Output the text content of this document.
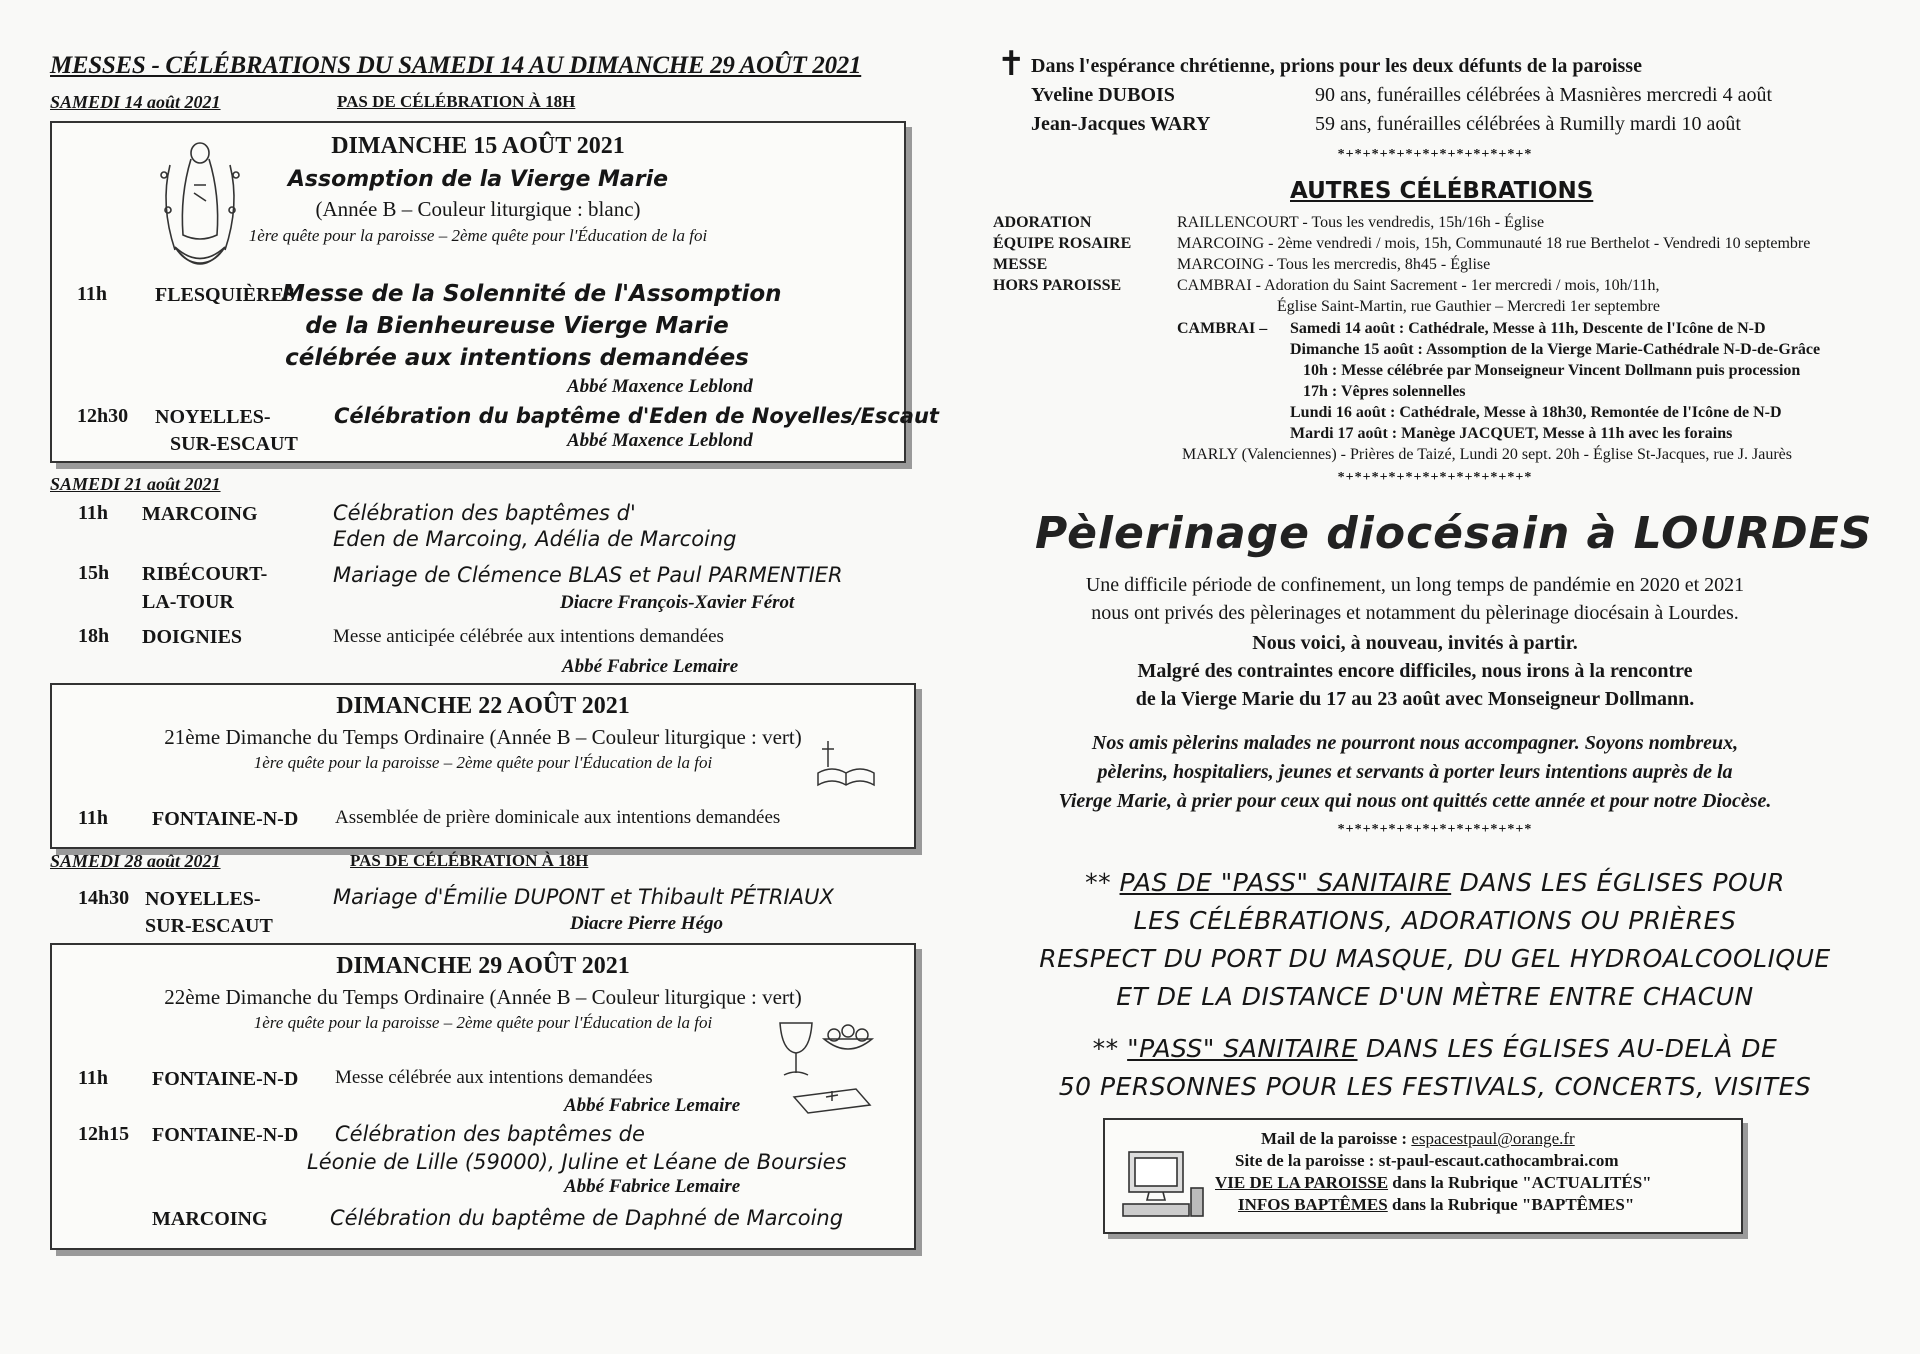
MESSES - CÉLÉBRATIONS DU SAMEDI 14 AU DIMANCHE 29 AOÛT 2021
SAMEDI 14 août 2021	PAS DE CÉLÉBRATION À 18H
DIMANCHE 15 AOÛT 2021
Assomption de la Vierge Marie
(Année B – Couleur liturgique : blanc)
1ère quête pour la paroisse – 2ème quête pour l'Éducation de la foi
11h FLESQUIÈRES
Messe de la Solennité de l'Assomption
de la Bienheureuse Vierge Marie
célébrée aux intentions demandées
Abbé Maxence Leblond
12h30 NOYELLES-
SUR-ESCAUT
Célébration du baptême d'Eden de Noyelles/Escaut
Abbé Maxence Leblond
SAMEDI 21 août 2021
11h MARCOING	Célébration des baptêmes d'
Eden de Marcoing, Adélia de Marcoing
15h RIBÉCOURT-
LA-TOUR
Mariage de Clémence BLAS et Paul PARMENTIER
Diacre François-Xavier Férot
18h DOIGNIES	Messe anticipée célébrée aux intentions demandées
Abbé Fabrice Lemaire
DIMANCHE 22 AOÛT 2021
21ème Dimanche du Temps Ordinaire (Année B – Couleur liturgique : vert)
1ère quête pour la paroisse – 2ème quête pour l'Éducation de la foi
11h FONTAINE-N-D Assemblée de prière dominicale aux intentions demandées
SAMEDI 28 août 2021	PAS DE CÉLÉBRATION À 18H
14h30 NOYELLES-
SUR-ESCAUT
Mariage d'Émilie DUPONT et Thibault PÉTRIAUX
Diacre Pierre Hégo
DIMANCHE 29 AOÛT 2021
22ème Dimanche du Temps Ordinaire (Année B – Couleur liturgique : vert)
1ère quête pour la paroisse – 2ème quête pour l'Éducation de la foi
11h FONTAINE-N-D Messe célébrée aux intentions demandées
Abbé Fabrice Lemaire
12h15 FONTAINE-N-D Célébration des baptêmes de
Léonie de Lille (59000), Juline et Léane de Boursies
Abbé Fabrice Lemaire
MARCOING	Célébration du baptême de Daphné de Marcoing
✝ Dans l'espérance chrétienne, prions pour les deux défunts de la paroisse
Yveline DUBOIS	90 ans, funérailles célébrées à Masnières mercredi 4 août
Jean-Jacques WARY	59 ans, funérailles célébrées à Rumilly mardi 10 août
*+*+*+*+*+*+*+*+*+*+*+*
AUTRES CÉLÉBRATIONS
ADORATION	RAILLENCOURT - Tous les vendredis, 15h/16h - Église
ÉQUIPE ROSAIRE	MARCOING - 2ème vendredi / mois, 15h, Communauté 18 rue Berthelot - Vendredi 10 septembre
MESSE	MARCOING - Tous les mercredis, 8h45 - Église
HORS PAROISSE	CAMBRAI - Adoration du Saint Sacrement - 1er mercredi / mois, 10h/11h,
Église Saint-Martin, rue Gauthier – Mercredi 1er septembre
CAMBRAI – Samedi 14 août : Cathédrale, Messe à 11h, Descente de l'Icône de N-D
Dimanche 15 août : Assomption de la Vierge Marie-Cathédrale N-D-de-Grâce
10h : Messe célébrée par Monseigneur Vincent Dollmann puis procession
17h : Vêpres solennelles
Lundi 16 août : Cathédrale, Messe à 18h30, Remontée de l'Icône de N-D
Mardi 17 août : Manège JACQUET, Messe à 11h avec les forains
MARLY (Valenciennes) - Prières de Taizé, Lundi 20 sept. 20h - Église St-Jacques, rue J. Jaurès
*+*+*+*+*+*+*+*+*+*+*+*
Pèlerinage diocésain à LOURDES
Une difficile période de confinement, un long temps de pandémie en 2020 et 2021
nous ont privés des pèlerinages et notamment du pèlerinage diocésain à Lourdes.
Nous voici, à nouveau, invités à partir.
Malgré des contraintes encore difficiles, nous irons à la rencontre
de la Vierge Marie du 17 au 23 août avec Monseigneur Dollmann.
Nos amis pèlerins malades ne pourront nous accompagner. Soyons nombreux,
pèlerins, hospitaliers, jeunes et servants à porter leurs intentions auprès de la
Vierge Marie, à prier pour ceux qui nous ont quittés cette année et pour notre Diocèse.
*+*+*+*+*+*+*+*+*+*+*+*
** PAS DE "PASS" SANITAIRE DANS LES ÉGLISES POUR
LES CÉLÉBRATIONS, ADORATIONS OU PRIÈRES
RESPECT DU PORT DU MASQUE, DU GEL HYDROALCOOLIQUE
ET DE LA DISTANCE D'UN MÈTRE ENTRE CHACUN
** "PASS" SANITAIRE DANS LES ÉGLISES AU-DELÀ DE
50 PERSONNES POUR LES FESTIVALS, CONCERTS, VISITES
Mail de la paroisse : espacestpaul@orange.fr
Site de la paroisse : st-paul-escaut.cathocambrai.com
VIE DE LA PAROISSE dans la Rubrique "ACTUALITÉS"
INFOS BAPTÊMES dans la Rubrique "BAPTÊMES"
